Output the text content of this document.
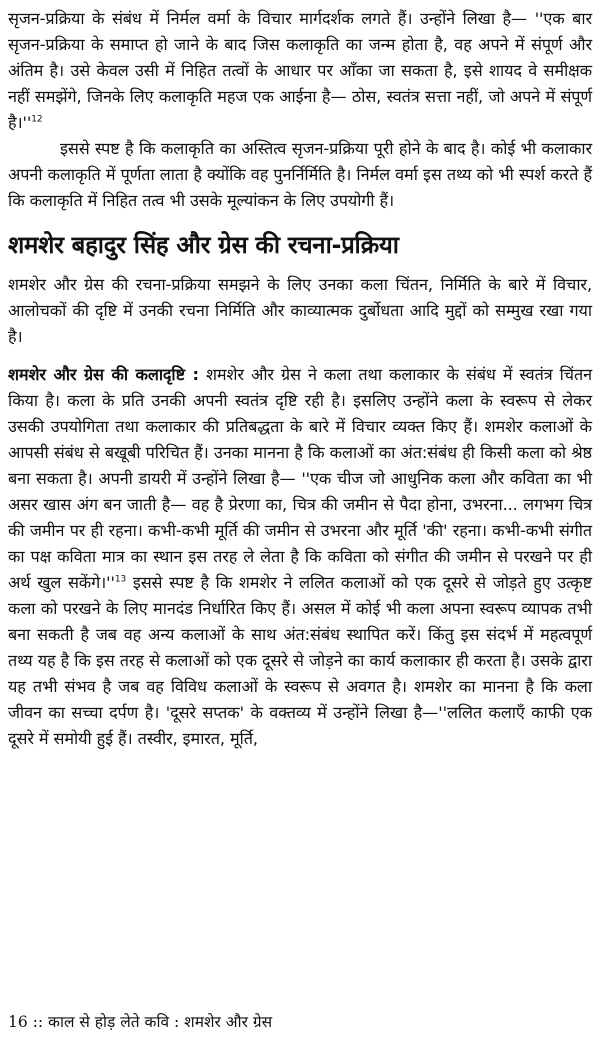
सृजन-प्रक्रिया के संबंध में निर्मल वर्मा के विचार मार्गदर्शक लगते हैं। उन्होंने लिखा है— ''एक बार सृजन-प्रक्रिया के समाप्त हो जाने के बाद जिस कलाकृति का जन्म होता है, वह अपने में संपूर्ण और अंतिम है। उसे केवल उसी में निहित तत्वों के आधार पर आँका जा सकता है, इसे शायद वे समीक्षक नहीं समझेंगे, जिनके लिए कलाकृति महज एक आईना है— ठोस, स्वतंत्र सत्ता नहीं, जो अपने में संपूर्ण $है।''^{12}$

इससे स्पष्ट है कि कलाकृति का अस्तित्व सृजन-प्रक्रिया पूरी होने के बाद है। कोई भी कलाकार अपनी कलाकृति में पूर्णता लाता है क्योंकि वह पुनर्निर्मिति है। निर्मल वर्मा इस तथ्य को भी स्पर्श करते हैं कि कलाकृति में निहित तत्व भी उसके मूल्यांकन के लिए उपयोगी हैं।

शमशेर बहादुर सिंह और ग्रेस की रचना-प्रक्रिया

शमशेर और ग्रेस की रचना-प्रक्रिया समझने के लिए उनका कला चिंतन, निर्मिति के बारे में विचार, आलोचकों की दृष्टि में उनकी रचना निर्मिति और काव्यात्मक दुर्बोधता आदि मुद्दों को सम्मुख रखा गया है।

शमशेर और ग्रेस की कलादृष्टि : शमशेर और ग्रेस ने कला तथा कलाकार के संबंध में स्वतंत्र चिंतन किया है। कला के प्रति उनकी अपनी स्वतंत्र दृष्टि रही है। इसलिए उन्होंने कला के स्वरूप से लेकर उसकी उपयोगिता तथा कलाकार की प्रतिबद्धता के बारे में विचार व्यक्त किए हैं। शमशेर कलाओं के आपसी संबंध से बखूबी परिचित हैं। उनका मानना है कि कलाओं का अंत:संबंध ही किसी कला को श्रेष्ठ बना सकता है। अपनी डायरी में उन्होंने लिखा है— ''एक चीज जो आधुनिक कला और कविता का भी असर खास अंग बन जाती है— वह है प्रेरणा का, चित्र की जमीन से पैदा होना, उभरना... लगभग चित्र की जमीन पर ही रहना। कभी-कभी मूर्ति की जमीन से उभरना और मूर्ति 'की' रहना। कभी-कभी संगीत का पक्ष कविता मात्र का स्थान इस तरह ले लेता है कि कविता को संगीत की जमीन से परखने पर ही अर्थ खुल $सकेंगे।''^{13}$ इससे स्पष्ट है कि शमशेर ने ललित कलाओं को एक दूसरे से जोड़ते हुए उत्कृष्ट कला को परखने के लिए मानदंड निर्धारित किए हैं। असल में कोई भी कला अपना स्वरूप व्यापक तभी बना सकती है जब वह अन्य कलाओं के साथ अंत:संबंध स्थापित करें। किंतु इस संदर्भ में महत्वपूर्ण तथ्य यह है कि इस तरह से कलाओं को एक दूसरे से जोड़ने का कार्य कलाकार ही करता है। उसके द्वारा यह तभी संभव है जब वह विविध कलाओं के स्वरूप से अवगत है। शमशेर का मानना है कि कला जीवन का सच्चा दर्पण है। 'दूसरे सप्तक' के वक्तव्य में उन्होंने लिखा है—''ललित कलाएँ काफी एक दूसरे में समोयी हुई हैं। तस्वीर, इमारत, मूर्ति,

16 :: काल से होड़ लेते कवि : शमशेर और ग्रेस
